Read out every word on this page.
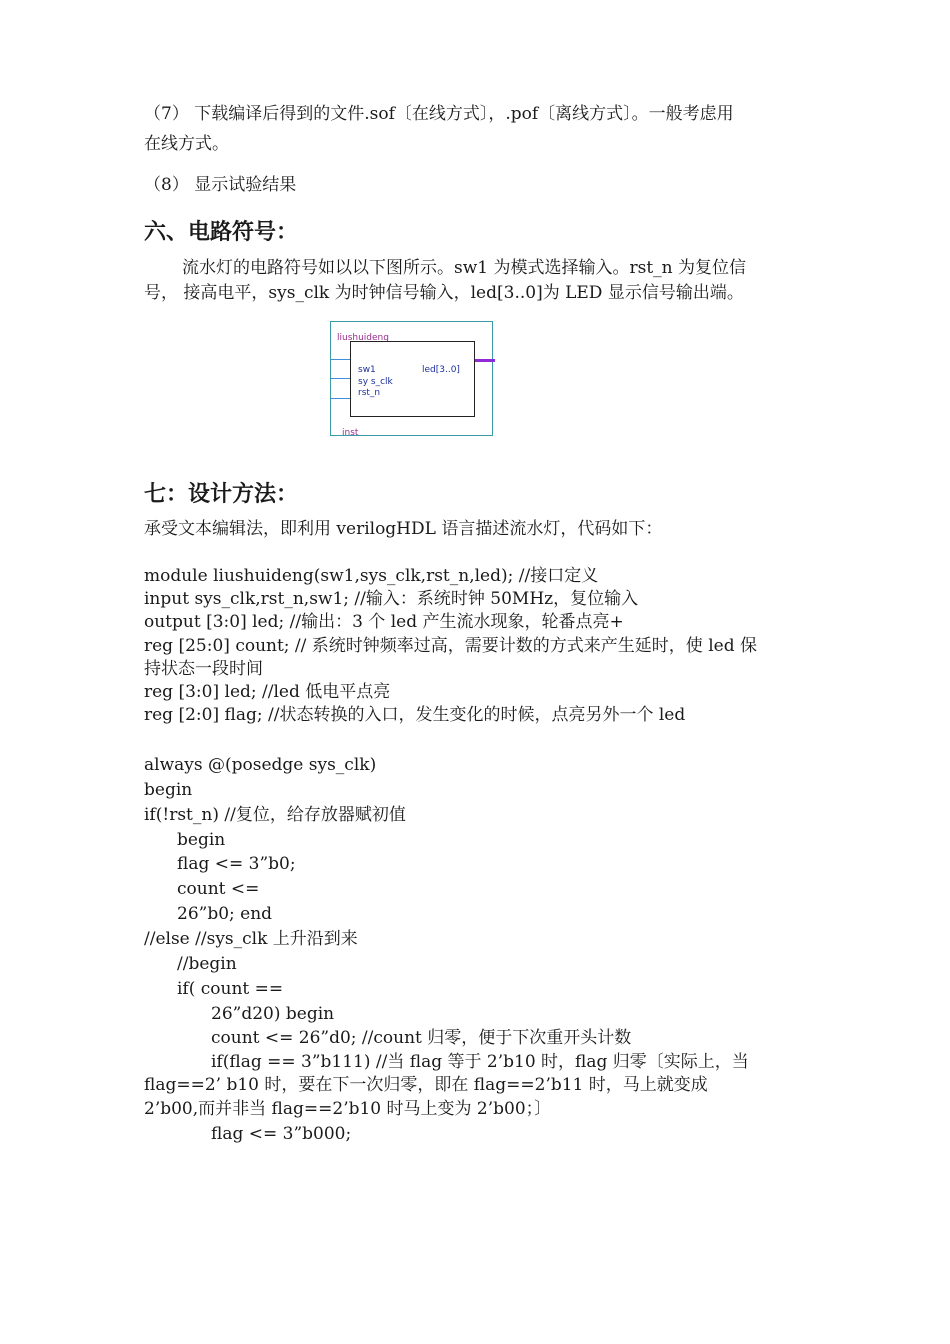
（7） 下载编译后得到的文件.sof〔在线方式〕，.pof〔离线方式〕。一般考虑用
在线方式。
（8） 显示试验结果
六、电路符号：
流水灯的电路符号如以以下图所示。sw1 为模式选择输入。rst_n 为复位信
号， 接高电平，sys_clk 为时钟信号输入，led[3..0]为 LED 显示信号输出端。
liushuideng
sw1
sy s_clk
rst_n
led[3..0]
inst
七：设计方法：
承受文本编辑法，即利用 verilogHDL 语言描述流水灯，代码如下：
module liushuideng(sw1,sys_clk,rst_n,led); //接口定义
input sys_clk,rst_n,sw1; //输入：系统时钟 50MHz，复位输入
output [3:0] led; //输出：3 个 led 产生流水现象，轮番点亮+
reg [25:0] count; // 系统时钟频率过高，需要计数的方式来产生延时，使 led 保
持状态一段时间
reg [3:0] led; //led 低电平点亮
reg [2:0] flag; //状态转换的入口，发生变化的时候，点亮另外一个 led
always @(posedge sys_clk)
begin
if(!rst_n) //复位，给存放器赋初值
begin
flag <= 3”b0;
count <=
26”b0; end
//else //sys_clk 上升沿到来
//begin
if( count ==
26”d20) begin
count <= 26”d0; //count 归零，便于下次重开头计数
if(flag == 3”b111) //当 flag 等于 2’b10 时，flag 归零〔实际上，当
flag==2’ b10 时，要在下一次归零，即在 flag==2’b11 时，马上就变成
2’b00,而并非当 flag==2’b10 时马上变为 2’b00；〕
flag <= 3”b000;
